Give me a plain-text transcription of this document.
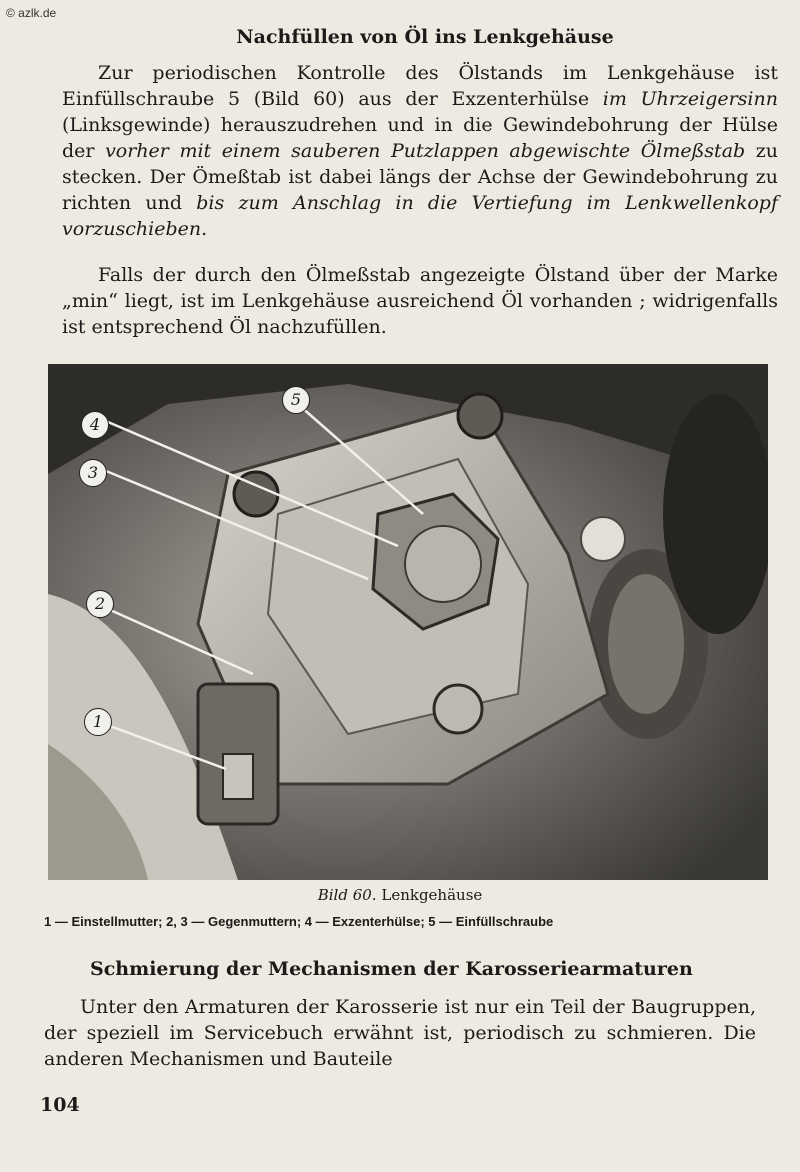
© azlk.de
Nachfüllen von Öl ins Lenkgehäuse

Zur periodischen Kontrolle des Ölstands im Lenkgehäuse ist Einfüllschraube 5 (Bild 60) aus der Exzenterhülse im Uhrzeigersinn (Linksgewinde) herauszudrehen und in die Gewindebohrung der Hülse der vorher mit einem sauberen Putzlappen abgewischte Ölmeßstab zu stecken. Der Ömeßtab ist dabei längs der Achse der Gewindebohrung zu richten und bis zum Anschlag in die Vertiefung im Lenkwellenkopf vorzuschieben.

Falls der durch den Ölmeßstab angezeigte Ölstand über der Marke „min“ liegt, ist im Lenkgehäuse ausreichend Öl vorhanden ; widrigenfalls ist entsprechend Öl nachzufüllen.

4
3
2
1
5
Bild 60. Lenkgehäuse
1 — Einstellmutter; 2, 3 — Gegenmuttern; 4 — Exzenterhülse; 5 — Einfüllschraube
Schmierung der Mechanismen der Karosseriearmaturen

Unter den Armaturen der Karosserie ist nur ein Teil der Baugruppen, der speziell im Servicebuch erwähnt ist, periodisch zu schmieren. Die anderen Mechanismen und Bauteile

104
